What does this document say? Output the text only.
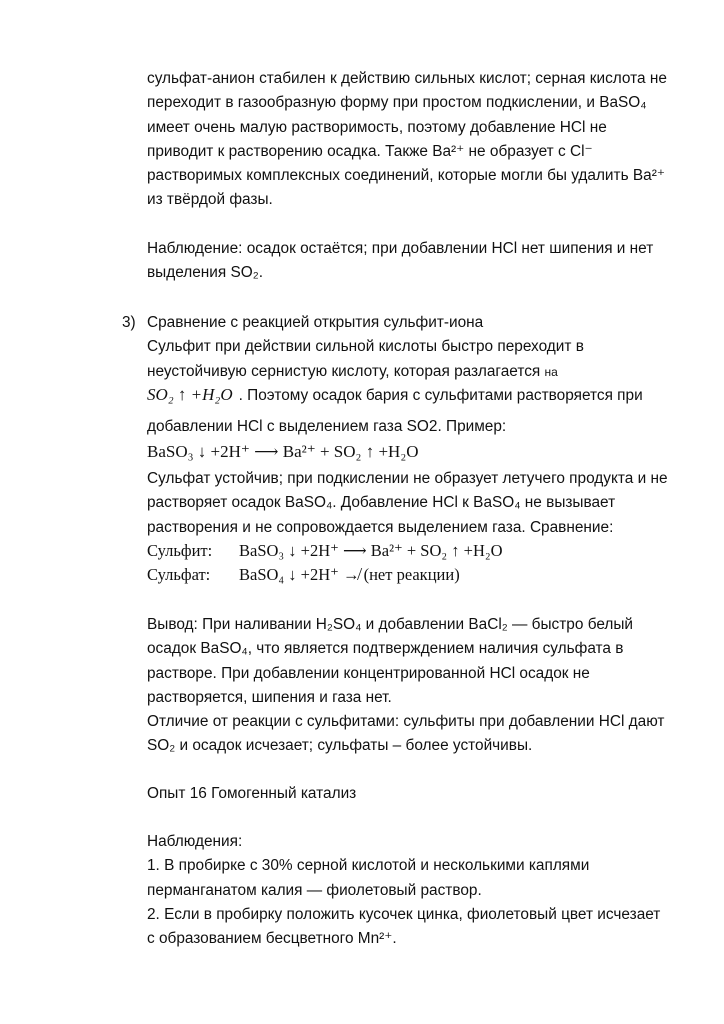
сульфат-анион стабилен к действию сильных кислот; серная кислота не
переходит в газообразную форму при простом подкислении, и BaSO₄
имеет очень малую растворимость, поэтому добавление HCl не
приводит к растворению осадка. Также Ba²⁺ не образует с Cl⁻
растворимых комплексных соединений, которые могли бы удалить Ba²⁺
из твёрдой фазы.
Наблюдение: осадок остаётся; при добавлении HCl нет шипения и нет
выделения SO₂.
3) Сравнение с реакцией открытия сульфит-иона
Сульфит при действии сильной кислоты быстро переходит в
неустойчивую сернистую кислоту, которая разлагается на
SO₂ ↑ +H₂O . Поэтому осадок бария с сульфитами растворяется при
добавлении HCl с выделением газа SO2. Пример:
BaSO₃ ↓ +2H⁺ ⟶ Ba²⁺ + SO₂ ↑ +H₂O
Сульфат устойчив; при подкислении не образует летучего продукта и не
растворяет осадок BaSO₄. Добавление HCl к BaSO₄ не вызывает
растворения и не сопровождается выделением газа. Сравнение:
Сульфит: BaSO₃ ↓ +2H⁺ ⟶ Ba²⁺ + SO₂ ↑ +H₂O
Сульфат: BaSO₄ ↓ +2H⁺ ↛ (нет реакции)
Вывод: При наливании H₂SO₄ и добавлении BaCl₂ — быстро белый
осадок BaSO₄, что является подтверждением наличия сульфата в
растворе. При добавлении концентрированной HCl осадок не
растворяется, шипения и газа нет.
Отличие от реакции с сульфитами: сульфиты при добавлении HCl дают
SO₂ и осадок исчезает; сульфаты – более устойчивы.
Опыт 16 Гомогенный катализ
Наблюдения:
1. В пробирке с 30% серной кислотой и несколькими каплями
перманганатом калия — фиолетовый раствор.
2. Если в пробирку положить кусочек цинка, фиолетовый цвет исчезает
с образованием бесцветного Mn²⁺.
